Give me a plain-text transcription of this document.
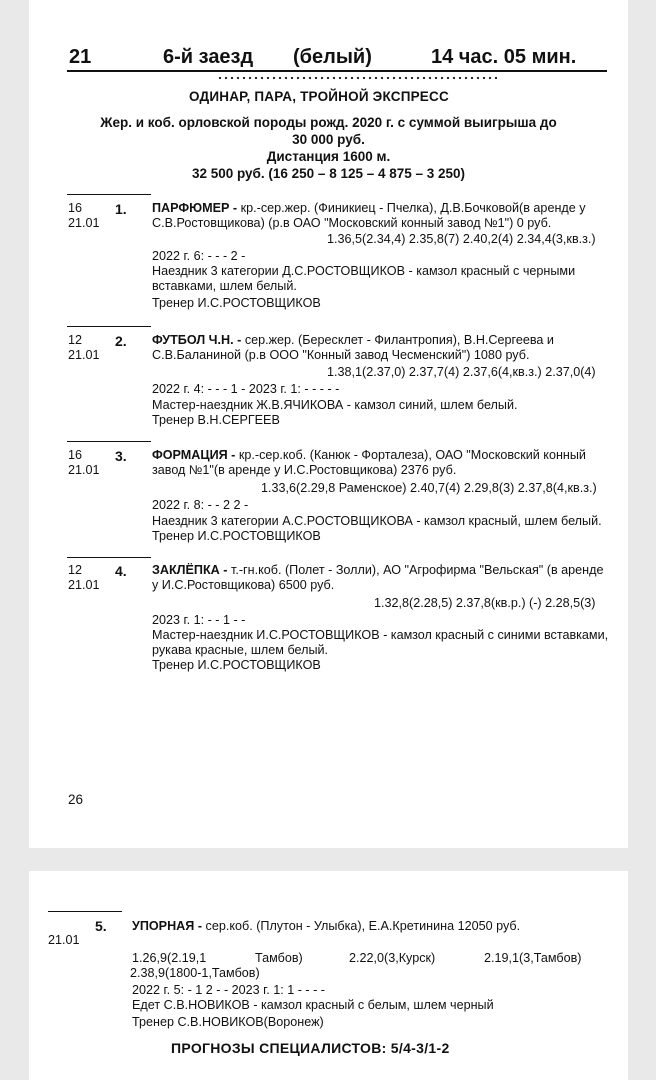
21	6-й заезд (белый)	14 час. 05 мин.
ОДИНАР, ПАРА, ТРОЙНОЙ ЭКСПРЕСС
Жер. и коб. орловской породы рожд. 2020 г. с суммой выигрыша до
30 000 руб.
Дистанция 1600 м.
32 500 руб. (16 250 – 8 125 – 4 875 – 3 250)
16
21.01
1. ПАРФЮМЕР - кр.-сер.жер. (Финикиец - Пчелка), Д.В.Бочковой(в аренде у
С.В.Ростовщикова) (р.в ОАО "Московский конный завод №1") 0 руб.
1.36,5(2.34,4) 2.35,8(7) 2.40,2(4) 2.34,4(3,кв.з.)
2022 г. 6: - - - 2 -
Наездник 3 категории Д.С.РОСТОВЩИКОВ - камзол красный с черными
вставками, шлем белый.
Тренер И.С.РОСТОВЩИКОВ
12
21.01
2. ФУТБОЛ Ч.Н. - сер.жер. (Бересклет - Филантропия), В.Н.Сергеева и
С.В.Баланиной (р.в ООО "Конный завод Чесменский") 1080 руб.
1.38,1(2.37,0) 2.37,7(4) 2.37,6(4,кв.з.) 2.37,0(4)
2022 г. 4: - - - 1 - 2023 г. 1: - - - - -
Мастер-наездник Ж.В.ЯЧИКОВА - камзол синий, шлем белый.
Тренер В.Н.СЕРГЕЕВ
16
21.01
3. ФОРМАЦИЯ - кр.-сер.коб. (Канюк - Форталеза), ОАО "Московский конный
завод №1"(в аренде у И.С.Ростовщикова) 2376 руб.
1.33,6(2.29,8 Раменское) 2.40,7(4) 2.29,8(3) 2.37,8(4,кв.з.)
2022 г. 8: - - 2 2 -
Наездник 3 категории А.С.РОСТОВЩИКОВА - камзол красный, шлем белый.
Тренер И.С.РОСТОВЩИКОВ
12
21.01
4. ЗАКЛЁПКА - т.-гн.коб. (Полет - Золли), АО "Агрофирма "Вельская" (в аренде
у И.С.Ростовщикова) 6500 руб.
1.32,8(2.28,5) 2.37,8(кв.р.) (-) 2.28,5(3)
2023 г. 1: - - 1 - -
Мастер-наездник И.С.РОСТОВЩИКОВ - камзол красный с синими вставками,
рукава красные, шлем белый.
Тренер И.С.РОСТОВЩИКОВ
26
5. УПОРНАЯ - сер.коб. (Плутон - Улыбка), Е.А.Кретинина 12050 руб.
21.01
1.26,9(2.19,1	Тамбов)	2.22,0(3,Курск)	2.19,1(3,Тамбов)
2.38,9(1800-1,Тамбов)
2022 г. 5: - 1 2 - - 2023 г. 1: 1 - - - -
Едет С.В.НОВИКОВ - камзол красный с белым, шлем черный
Тренер С.В.НОВИКОВ(Воронеж)
ПРОГНОЗЫ СПЕЦИАЛИСТОВ: 5/4-3/1-2
